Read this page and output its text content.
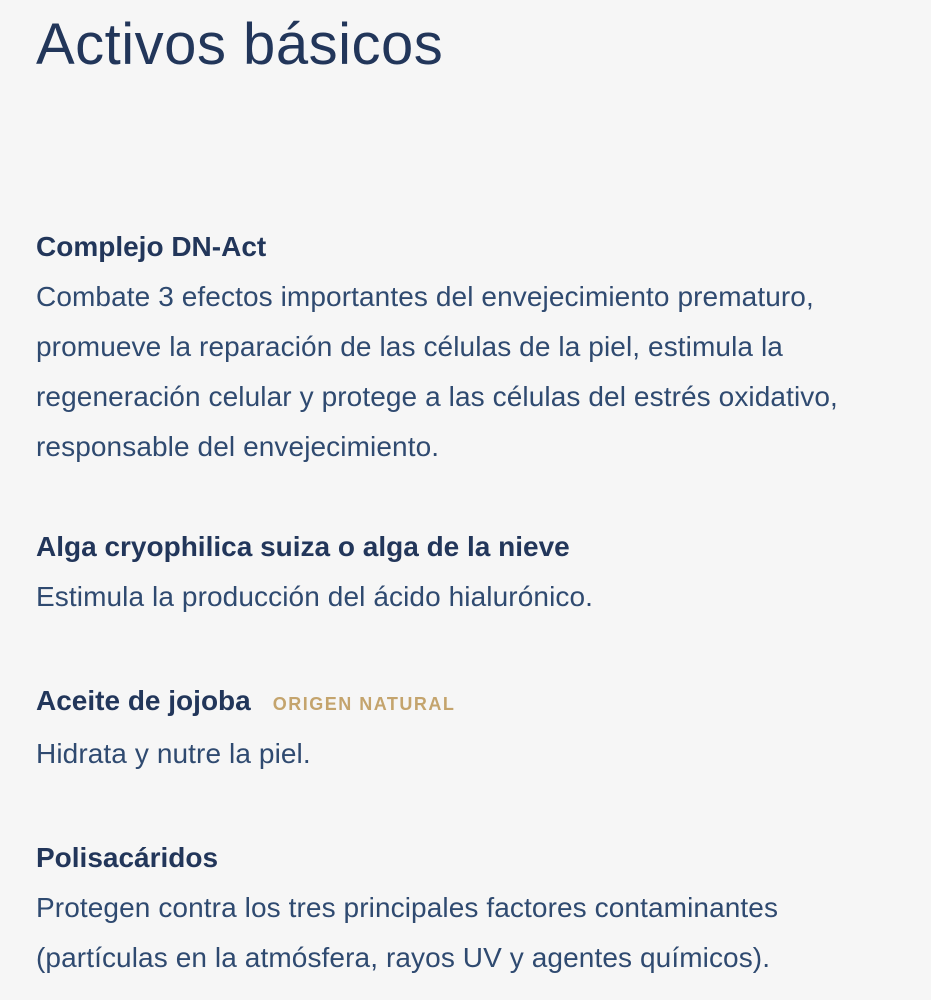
Activos básicos
Complejo DN-Act

Combate 3 efectos importantes del envejecimiento prematuro, promueve la reparación de las células de la piel, estimula la regeneración celular y protege a las células del estrés oxidativo, responsable del envejecimiento.

Alga cryophilica suiza o alga de la nieve

Estimula la producción del ácido hialurónico.

Aceite de jojoba ORIGEN NATURAL

Hidrata y nutre la piel.

Polisacáridos

Protegen contra los tres principales factores contaminantes (partículas en la atmósfera, rayos UV y agentes químicos).
